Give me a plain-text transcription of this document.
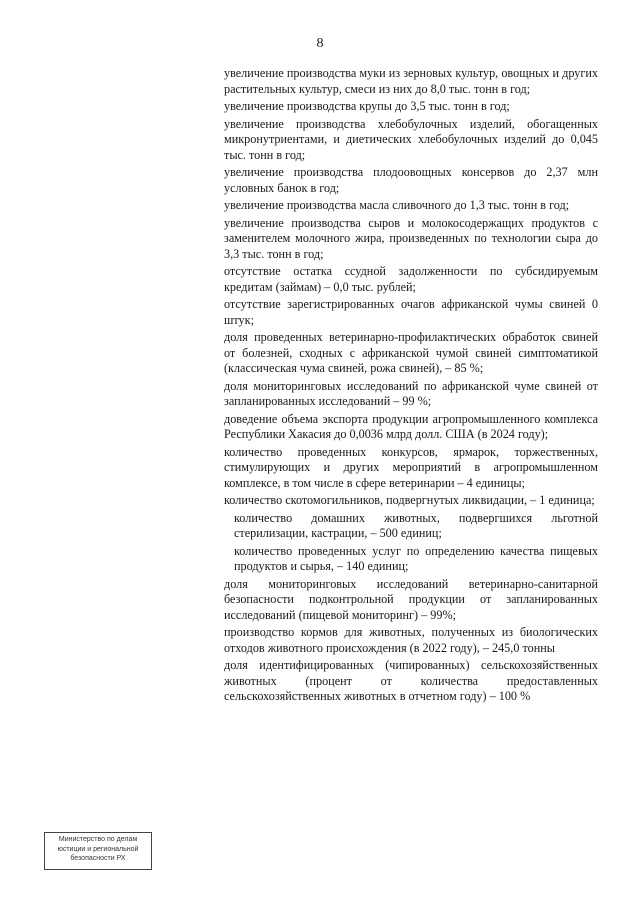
8

увеличение производства муки из зерновых культур, овощных и других растительных культур, смеси из них до 8,0 тыс. тонн в год;

увеличение производства крупы до 3,5 тыс. тонн в год;

увеличение производства хлебобулочных изделий, обогащенных микронутриентами, и диетических хлебобулочных изделий до 0,045 тыс. тонн в год;

увеличение производства плодоовощных консервов до 2,37 млн условных банок в год;

увеличение производства масла сливочного до 1,3 тыс. тонн в год;

увеличение производства сыров и молокосодержащих продуктов с заменителем молочного жира, произведенных по технологии сыра до 3,3 тыс. тонн в год;

отсутствие остатка ссудной задолженности по субсидируемым кредитам (займам) – 0,0 тыс. рублей;

отсутствие зарегистрированных очагов африканской чумы свиней 0 штук;

доля проведенных ветеринарно-профилактических обработок свиней от болезней, сходных с африканской чумой свиней симптоматикой (классическая чума свиней, рожа свиней), – 85 %;

доля мониторинговых исследований по африканской чуме свиней от запланированных исследований – 99 %;

доведение объема экспорта продукции агропромышленного комплекса Республики Хакасия до 0,0036 млрд долл. США (в 2024 году);

количество проведенных конкурсов, ярмарок, торжественных, стимулирующих и других мероприятий в агропромышленном комплексе, в том числе в сфере ветеринарии – 4 единицы;

количество скотомогильников, подвергнутых ликвидации, – 1 единица;

количество домашних животных, подвергшихся льготной стерилизации, кастрации, – 500 единиц;

количество проведенных услуг по определению качества пищевых продуктов и сырья, – 140 единиц;

доля мониторинговых исследований ветеринарно-санитарной безопасности подконтрольной продукции от запланированных исследований (пищевой мониторинг) – 99%;

производство кормов для животных, полученных из биологических отходов животного происхождения (в 2022 году), – 245,0 тонны

доля идентифицированных (чипированных) сельскохозяйственных животных (процент от количества предоставленных сельскохозяйственных животных в отчетном году) – 100 %

Министерство по делам
юстиции и региональной
безопасности РХ
